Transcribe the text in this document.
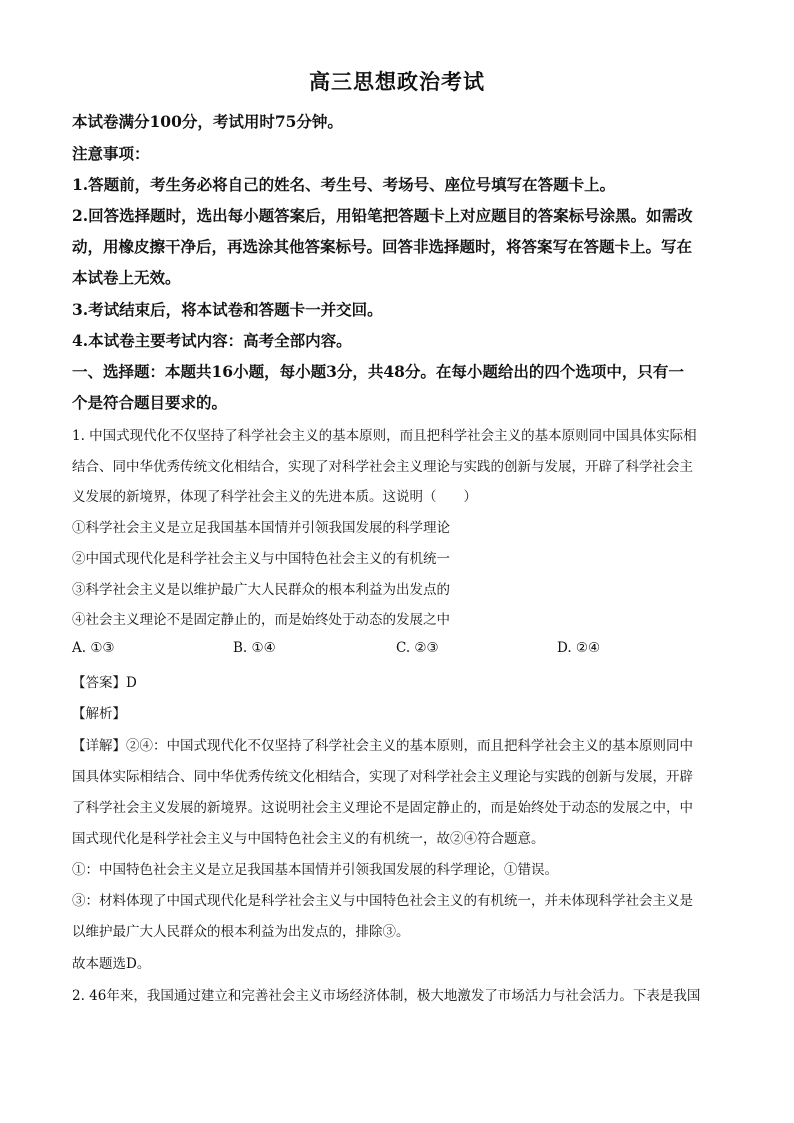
高三思想政治考试
本试卷满分100分，考试用时75分钟。
注意事项：
1.答题前，考生务必将自己的姓名、考生号、考场号、座位号填写在答题卡上。
2.回答选择题时，选出每小题答案后，用铅笔把答题卡上对应题目的答案标号涂黑。如需改
动，用橡皮擦干净后，再选涂其他答案标号。回答非选择题时，将答案写在答题卡上。写在
本试卷上无效。
3.考试结束后，将本试卷和答题卡一并交回。
4.本试卷主要考试内容：高考全部内容。
一、选择题：本题共16小题，每小题3分，共48分。在每小题给出的四个选项中，只有一
个是符合题目要求的。
1. 中国式现代化不仅坚持了科学社会主义的基本原则，而且把科学社会主义的基本原则同中国具体实际相
结合、同中华优秀传统文化相结合，实现了对科学社会主义理论与实践的创新与发展，开辟了科学社会主
义发展的新境界，体现了科学社会主义的先进本质。这说明（　　）
①科学社会主义是立足我国基本国情并引领我国发展的科学理论
②中国式现代化是科学社会主义与中国特色社会主义的有机统一
③科学社会主义是以维护最广大人民群众的根本利益为出发点的
④社会主义理论不是固定静止的，而是始终处于动态的发展之中
A. ①③	B. ①④	C. ②③	D. ②④
【答案】D
【解析】
【详解】②④：中国式现代化不仅坚持了科学社会主义的基本原则，而且把科学社会主义的基本原则同中
国具体实际相结合、同中华优秀传统文化相结合，实现了对科学社会主义理论与实践的创新与发展，开辟
了科学社会主义发展的新境界。这说明社会主义理论不是固定静止的，而是始终处于动态的发展之中，中
国式现代化是科学社会主义与中国特色社会主义的有机统一，故②④符合题意。
①：中国特色社会主义是立足我国基本国情并引领我国发展的科学理论，①错误。
③：材料体现了中国式现代化是科学社会主义与中国特色社会主义的有机统一，并未体现科学社会主义是
以维护最广大人民群众的根本利益为出发点的，排除③。
故本题选D。
2. 46年来，我国通过建立和完善社会主义市场经济体制，极大地激发了市场活力与社会活力。下表是我国
